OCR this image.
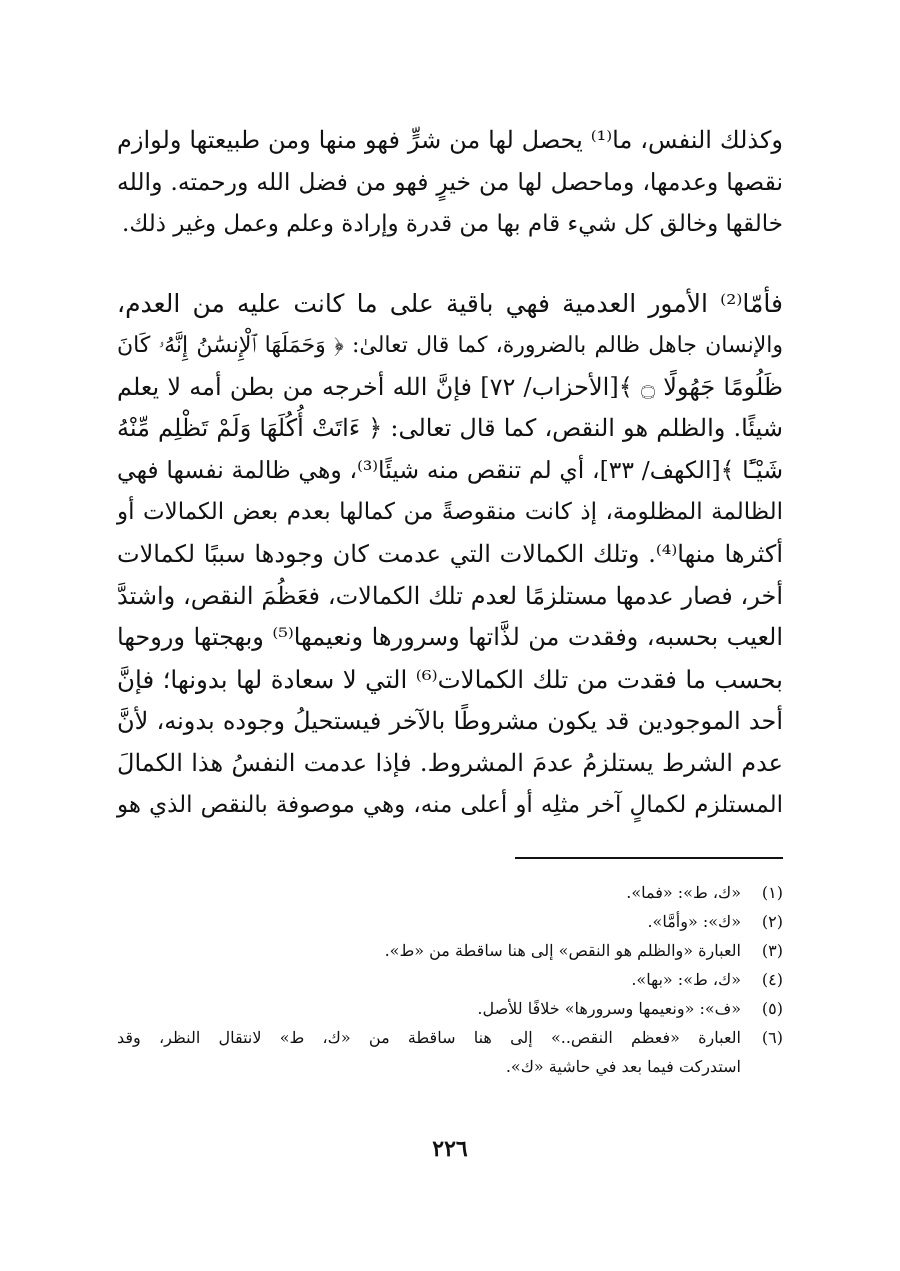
وكذلك النفس، ما⁽¹⁾ يحصل لها من شرٍّ فهو منها ومن طبيعتها ولوازم
نقصها وعدمها، وماحصل لها من خيرٍ فهو من فضل الله ورحمته. والله
خالقها وخالق كل شيء قام بها من قدرة وإرادة وعلم وعمل وغير ذلك.
فأمّا⁽²⁾ الأمور العدمية فهي باقية على ما كانت عليه من العدم،
والإنسان جاهل ظالم بالضرورة، كما قال تعالىٰ: ﴿ وَحَمَلَهَا ٱلْإِنسَٰنُ إِنَّهُۥ كَانَ
ظَلُومًا جَهُولًا ۝ ﴾[الأحزاب/ ٧٢] فإنَّ الله أخرجه من بطن أمه لا يعلم
شيئًا. والظلم هو النقص، كما قال تعالى: ﴿ ءَاتَتْ أُكُلَهَا وَلَمْ تَظْلِم مِّنْهُ
شَيْـًٔا ﴾[الكهف/ ٣٣]، أي لم تنقص منه شيئًا⁽³⁾، وهي ظالمة نفسها فهي
الظالمة المظلومة، إذ كانت منقوصةً من كمالها بعدم بعض الكمالات أو
أكثرها منها⁽⁴⁾. وتلك الكمالات التي عدمت كان وجودها سببًا لكمالات
أخر، فصار عدمها مستلزمًا لعدم تلك الكمالات، فعَظُمَ النقص، واشتدَّ
العيب بحسبه، وفقدت من لذَّاتها وسرورها ونعيمها⁽⁵⁾ وبهجتها وروحها
بحسب ما فقدت من تلك الكمالات⁽⁶⁾ التي لا سعادة لها بدونها؛ فإنَّ
أحد الموجودين قد يكون مشروطًا بالآخر فيستحيلُ وجوده بدونه، لأنَّ
عدم الشرط يستلزمُ عدمَ المشروط. فإذا عدمت النفسُ هذا الكمالَ
المستلزم لكمالٍ آخر مثلِه أو أعلى منه، وهي موصوفة بالنقص الذي هو
(١)
«ك، ط»: «فما».
(٢)
«ك»: «وأمَّا».
(٣)
العبارة «والظلم هو النقص» إلى هنا ساقطة من «ط».
(٤)
«ك، ط»: «بها».
(٥)
«ف»: «ونعيمها وسرورها» خلافًا للأصل.
(٦)
العبارة «فعظم النقص..» إلى هنا ساقطة من «ك، ط» لانتقال النظر، وقد
استدركت فيما بعد في حاشية «ك».
٢٢٦
